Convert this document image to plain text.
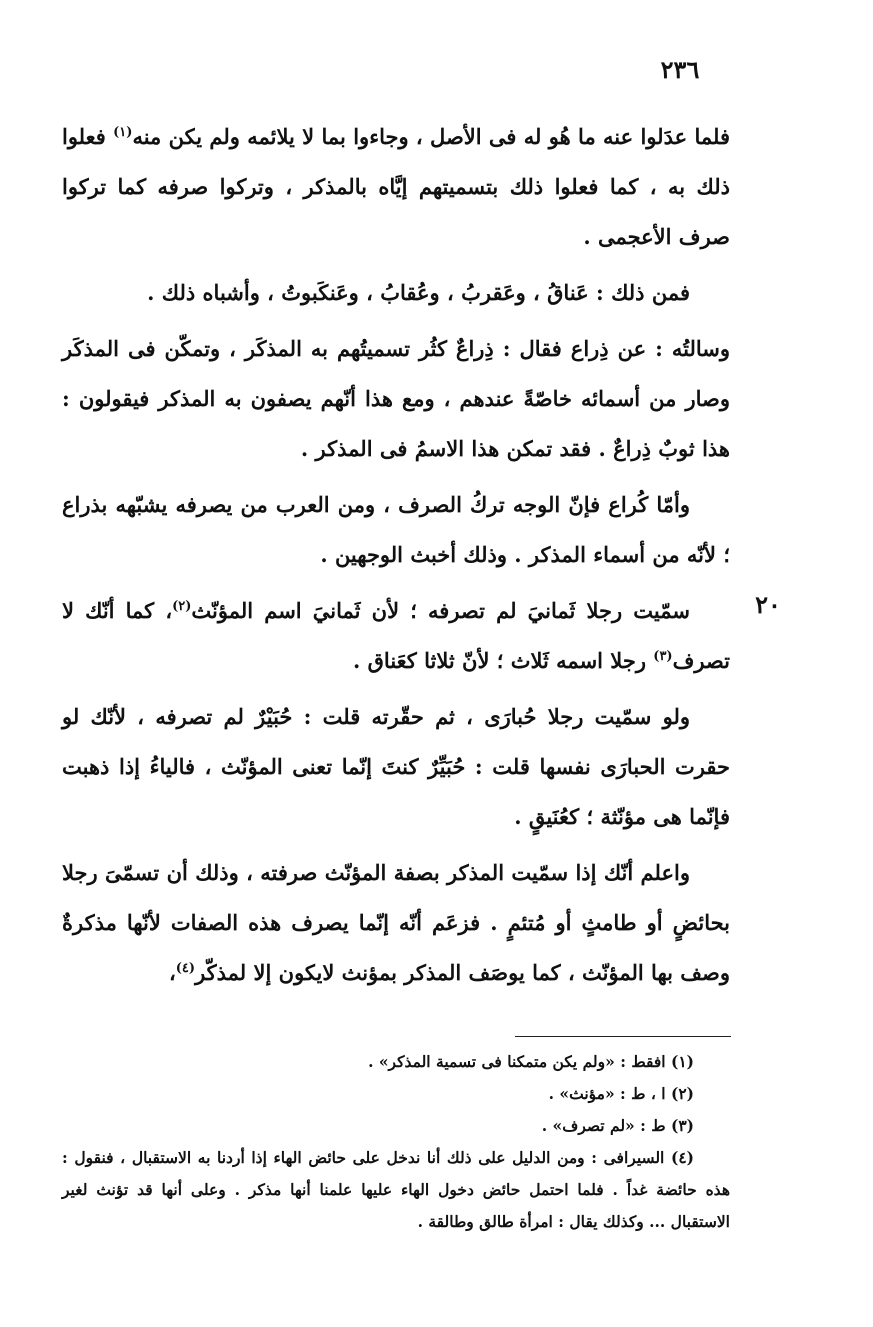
٢٣٦

فلما عدَلوا عنه ما هُو له فى الأصل ، وجاءوا بما لا يلائمه ولم يكن منه$^{(١)}$ فعلوا ذلك به ، كما فعلوا ذلك بتسميتهم إيَّاه بالمذكر ، وتركوا صرفه كما تركوا صرف الأعجمى .

فمن ذلك : عَناقُ ، وعَقربُ ، وعُقابُ ، وعَنكَبوتُ ، وأشباه ذلك .

وسالتُه : عن ذِراع فقال : ذِراعٌ كثُر تسميتُهم به المذكَر ، وتمكّن فى المذكَر وصار من أسمائه خاصّةً عندهم ، ومع هذا أنّهم يصفون به المذكر فيقولون : هذا ثوبٌ ذِراعٌ . فقد تمكن هذا الاسمُ فى المذكر .

وأمّا كُراع فإنّ الوجه تركُ الصرف ، ومن العرب من يصرفه يشبّهه بذراع ؛ لأنّه من أسماء المذكر . وذلك أخبث الوجهين .

سمّيت رجلا ثَمانيَ لم تصرفه ؛ لأن ثَمانيَ اسم المؤنّث$^{(٢)}$، كما أنّك لا تصرف$^{(٣)}$ رجلا اسمه ثَلاث ؛ لأنّ ثلاثا كعَناق .

ولو سمّيت رجلا حُبارَى ، ثم حقّرته قلت : حُبَيْرٌ لم تصرفه ، لأنّك لو حقرت الحبارَى نفسها قلت : حُبَيِّرٌ كنتَ إنّما تعنى المؤنّث ، فالياءُ إذا ذهبت فإنّما هى مؤنّثة ؛ كعُنَيقٍ .

واعلم أنّك إذا سمّيت المذكر بصفة المؤنّث صرفته ، وذلك أن تسمّىَ رجلا بحائضٍ أو طامثٍ أو مُتئمٍ . فزعَم أنّه إنّما يصرف هذه الصفات لأنّها مذكرةٌ وصف بها المؤنّث ، كما يوصَف المذكر بمؤنث لايكون إلا لمذكّر$^{(٤)}$،

٢٠

(١) افقط : «ولم يكن متمكنا فى تسمية المذكر» .

(٢) ا ، ط : «مؤنث» .

(٣) ط : «لم تصرف» .

(٤) السيرافى : ومن الدليل على ذلك أنا ندخل على حائض الهاء إذا أردنا به الاستقبال ، فنقول : هذه حائضة غداً . فلما احتمل حائض دخول الهاء عليها علمنا أنها مذكر . وعلى أنها قد تؤنث لغير الاستقبال ... وكذلك يقال : امرأة طالق وطالقة .
